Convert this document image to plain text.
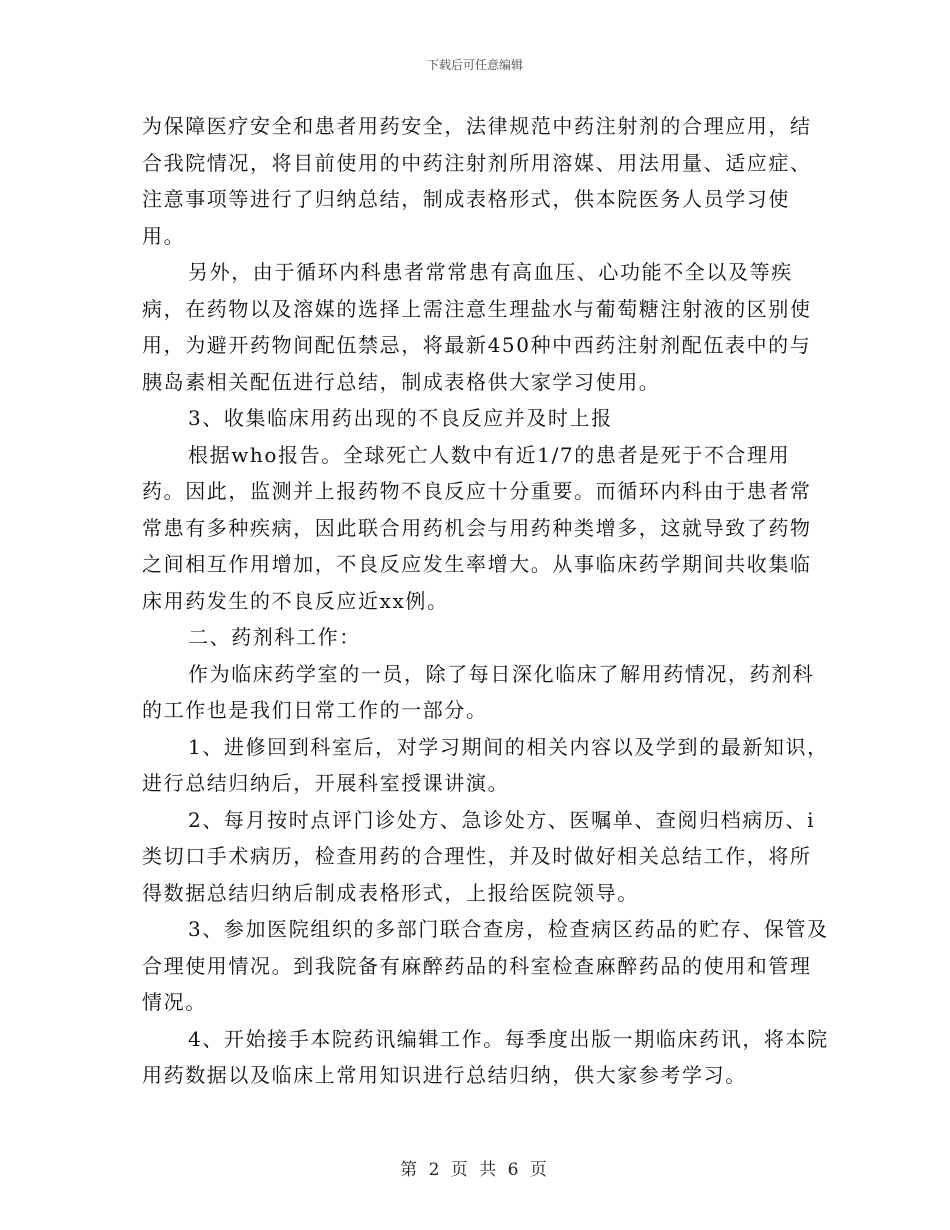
下载后可任意编辑

为保障医疗安全和患者用药安全，法律规范中药注射剂的合理应用，结合我院情况，将目前使用的中药注射剂所用溶媒、用法用量、适应症、注意事项等进行了归纳总结，制成表格形式，供本院医务人员学习使用。

另外，由于循环内科患者常常患有高血压、心功能不全以及等疾病，在药物以及溶媒的选择上需注意生理盐水与葡萄糖注射液的区别使用，为避开药物间配伍禁忌，将最新450种中西药注射剂配伍表中的与胰岛素相关配伍进行总结，制成表格供大家学习使用。

3、收集临床用药出现的不良反应并及时上报

根据who报告。全球死亡人数中有近1/7的患者是死于不合理用药。因此，监测并上报药物不良反应十分重要。而循环内科由于患者常常患有多种疾病，因此联合用药机会与用药种类增多，这就导致了药物之间相互作用增加，不良反应发生率增大。从事临床药学期间共收集临床用药发生的不良反应近xx例。

二、药剂科工作：

作为临床药学室的一员，除了每日深化临床了解用药情况，药剂科的工作也是我们日常工作的一部分。

1、进修回到科室后，对学习期间的相关内容以及学到的最新知识，进行总结归纳后，开展科室授课讲演。

2、每月按时点评门诊处方、急诊处方、医嘱单、查阅归档病历、ⅰ类切口手术病历，检查用药的合理性，并及时做好相关总结工作，将所得数据总结归纳后制成表格形式，上报给医院领导。

3、参加医院组织的多部门联合查房，检查病区药品的贮存、保管及合理使用情况。到我院备有麻醉药品的科室检查麻醉药品的使用和管理情况。

4、开始接手本院药讯编辑工作。每季度出版一期临床药讯，将本院用药数据以及临床上常用知识进行总结归纳，供大家参考学习。

第 2 页 共 6 页
